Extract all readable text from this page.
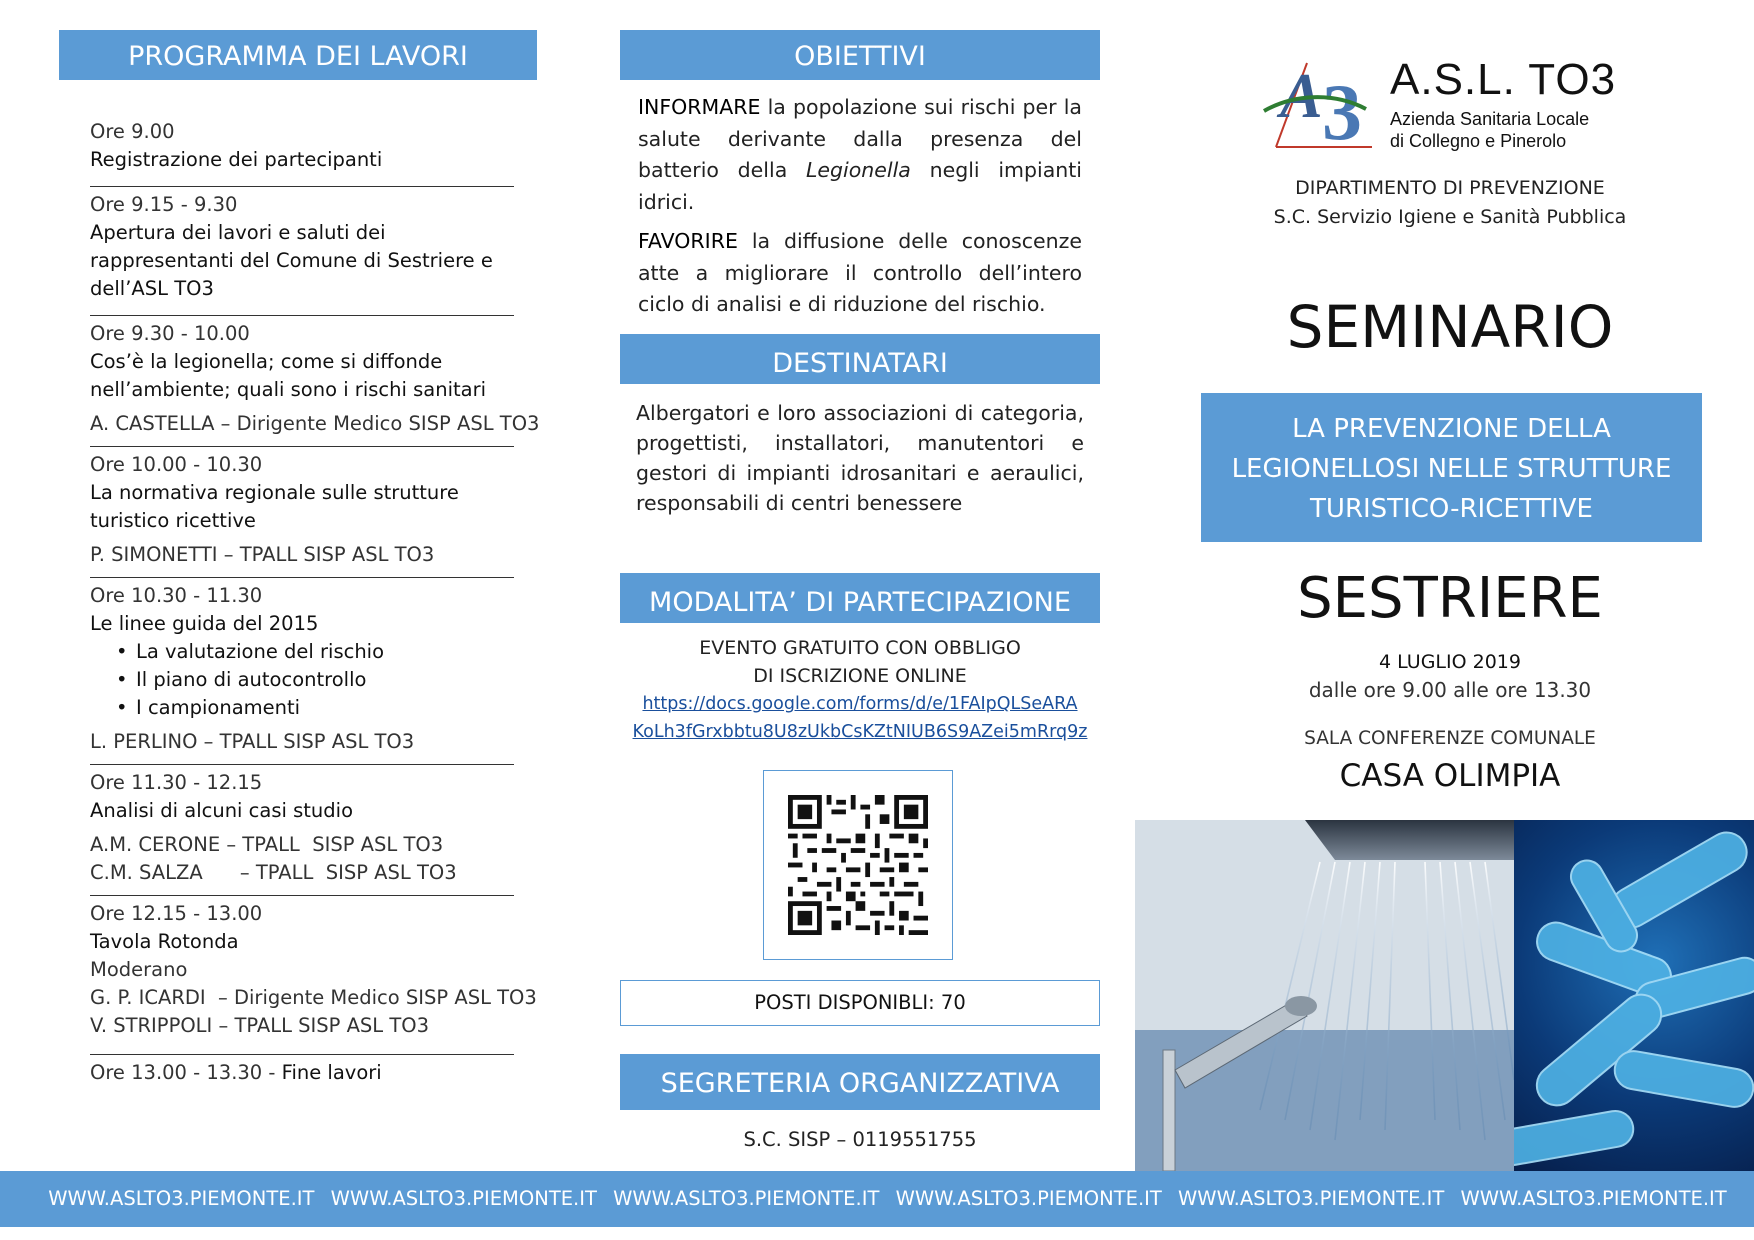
PROGRAMMA DEI LAVORI
Ore 9.00
Registrazione dei partecipanti
Ore 9.15 - 9.30
Apertura dei lavori e saluti dei rappresentanti del Comune di Sestriere e dell’ASL TO3
Ore 9.30 - 10.00
Cos’è la legionella; come si diffonde
nell’ambiente; quali sono i rischi sanitari
A. CASTELLA – Dirigente Medico SISP ASL TO3
Ore 10.00 - 10.30
La normativa regionale sulle strutture
turistico ricettive
P. SIMONETTI – TPALL SISP ASL TO3
Ore 10.30 - 11.30
Le linee guida del 2015
• La valutazione del rischio
• Il piano di autocontrollo
• I campionamenti
L. PERLINO – TPALL SISP ASL TO3
Ore 11.30 - 12.15
Analisi di alcuni casi studio
A.M. CERONE – TPALL  SISP ASL TO3
C.M. SALZA      – TPALL  SISP ASL TO3
Ore 12.15 - 13.00
Tavola Rotonda
Moderano
G. P. ICARDI  – Dirigente Medico SISP ASL TO3
V. STRIPPOLI – TPALL SISP ASL TO3
Ore 13.00 - 13.30 - Fine lavori
OBIETTIVI

INFORMARE la popolazione sui rischi per la salute derivante dalla presenza del batterio della Legionella negli impianti idrici.

FAVORIRE la diffusione delle conoscenze atte a migliorare il controllo dell’intero ciclo di analisi e di riduzione del rischio.

DESTINATARI
Albergatori e loro associazioni di categoria, progettisti, installatori, manutentori e gestori di impianti idrosanitari e aeraulici, responsabili di centri benessere
MODALITA’ DI PARTECIPAZIONE
EVENTO GRATUITO CON OBBLIGO
DI ISCRIZIONE ONLINE
https://docs.google.com/forms/d/e/1FAIpQLSeARA
KoLh3fGrxbbtu8U8zUkbCsKZtNIUB6S9AZei5mRrq9z
POSTI DISPONIBLI: 70
SEGRETERIA ORGANIZZATIVA
S.C. SISP – 0119551755
A 3 A.S.L. TO3
Azienda Sanitaria Locale
di Collegno e Pinerolo
DIPARTIMENTO DI PREVENZIONE
S.C. Servizio Igiene e Sanità Pubblica
SEMINARIO
LA PREVENZIONE DELLA
LEGIONELLOSI NELLE STRUTTURE
TURISTICO-RICETTIVE
SESTRIERE
4 LUGLIO 2019
dalle ore 9.00 alle ore 13.30
SALA CONFERENZE COMUNALE
CASA OLIMPIA
WWW.ASLTO3.PIEMONTE.IT WWW.ASLTO3.PIEMONTE.IT WWW.ASLTO3.PIEMONTE.IT WWW.ASLTO3.PIEMONTE.IT WWW.ASLTO3.PIEMONTE.IT WWW.ASLTO3.PIEMONTE.IT
